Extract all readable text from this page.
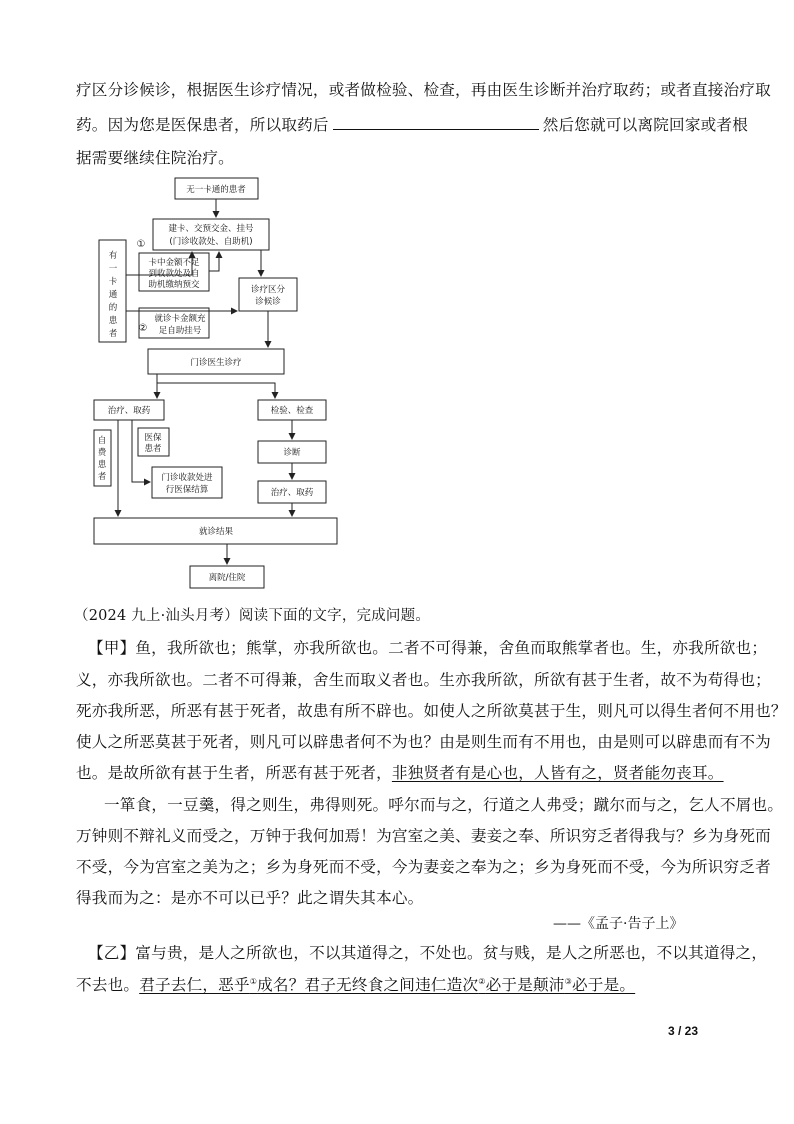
疗区分诊候诊，根据医生诊疗情况，或者做检验、检查，再由医生诊断并治疗取药；或者直接治疗取
药。因为您是医保患者，所以取药后	然后您就可以离院回家或者根
据需要继续住院治疗。
无一卡通的患者
建卡、交预交金、挂号
(门诊收款处、自助机)
有
一
卡
通
的
患
者
①
卡中金额不足
到收款处及自
助机缴纳预交	诊疗区分
诊候诊
②
就诊卡金额充
足自助挂号
门诊医生诊疗
治疗、取药	检验、检查
自
费
患
者
医保
患者
门诊收款处进
行医保结算
诊断
治疗、取药
就诊结果
离院/住院
（2024 九上·汕头月考）阅读下面的文字，完成问题。
【甲】鱼，我所欲也；熊掌，亦我所欲也。二者不可得兼，舍鱼而取熊掌者也。生，亦我所欲也；
义，亦我所欲也。二者不可得兼，舍生而取义者也。生亦我所欲，所欲有甚于生者，故不为苟得也；
死亦我所恶，所恶有甚于死者，故患有所不辟也。如使人之所欲莫甚于生，则凡可以得生者何不用也？
使人之所恶莫甚于死者，则凡可以辟患者何不为也？由是则生而有不用也，由是则可以辟患而有不为
也。是故所欲有甚于生者，所恶有甚于死者，非独贤者有是心也，人皆有之，贤者能勿丧耳。
一箪食，一豆羹，得之则生，弗得则死。呼尔而与之，行道之人弗受；蹴尔而与之，乞人不屑也。
万钟则不辩礼义而受之，万钟于我何加焉！为宫室之美、妻妾之奉、所识穷乏者得我与？乡为身死而
不受，今为宫室之美为之；乡为身死而不受，今为妻妾之奉为之；乡为身死而不受，今为所识穷乏者
得我而为之：是亦不可以已乎？此之谓失其本心。
——《孟子·告子上》
【乙】富与贵，是人之所欲也，不以其道得之，不处也。贫与贱，是人之所恶也，不以其道得之，
不去也。君子去仁，恶乎①成名？君子无终食之间违仁造次②必于是颠沛③必于是。
3 / 23
